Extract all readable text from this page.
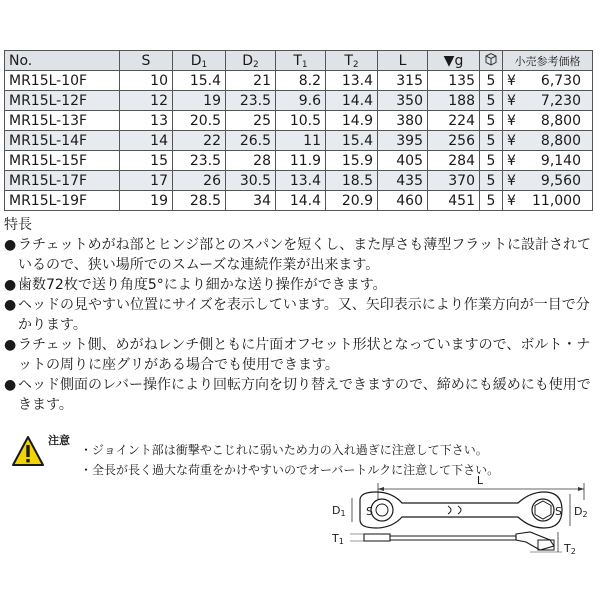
No.	S	D1	D2	T1	T2	L	▼g		小売参考価格
MR15L-10F	10	15.4	21	8.2	13.4	315	135	5	¥ 6,730
MR15L-12F	12	19	23.5	9.6	14.4	350	188	5	¥ 7,230
MR15L-13F	13	20.5	25	10.5	14.9	380	224	5	¥ 8,800
MR15L-14F	14	22	26.5	11	15.4	395	256	5	¥ 8,800
MR15L-15F	15	23.5	28	11.9	15.9	405	284	5	¥ 9,140
MR15L-17F	17	26	30.5	13.4	18.5	435	370	5	¥ 9,560
MR15L-19F	19	28.5	34	14.4	20.9	460	451	5	¥ 11,000
特長
● ラチェットめがね部とヒンジ部とのスパンを短くし、また厚さも薄型フラットに設計されているので、狭い場所でのスムーズな連続作業が出来ます。
● 歯数72枚で送り角度5°により細かな送り操作ができます。
● ヘッドの見やすい位置にサイズを表示しています。又、矢印表示により作業方向が一目で分かります。
● ラチェット側、めがねレンチ側ともに片面オフセット形状となっていますので、ボルト・ナットの周りに座グリがある場合でも使用できます。
● ヘッド側面のレバー操作により回転方向を切り替えできますので、締めにも緩めにも使用できます。
注意
・ジョイント部は衝撃やこじれに弱いため力の入れ過ぎに注意して下さい。
・全長が長く過大な荷重をかけやすいのでオーバートルクに注意して下さい。
L
D1 S	D2
S
T1
T2
